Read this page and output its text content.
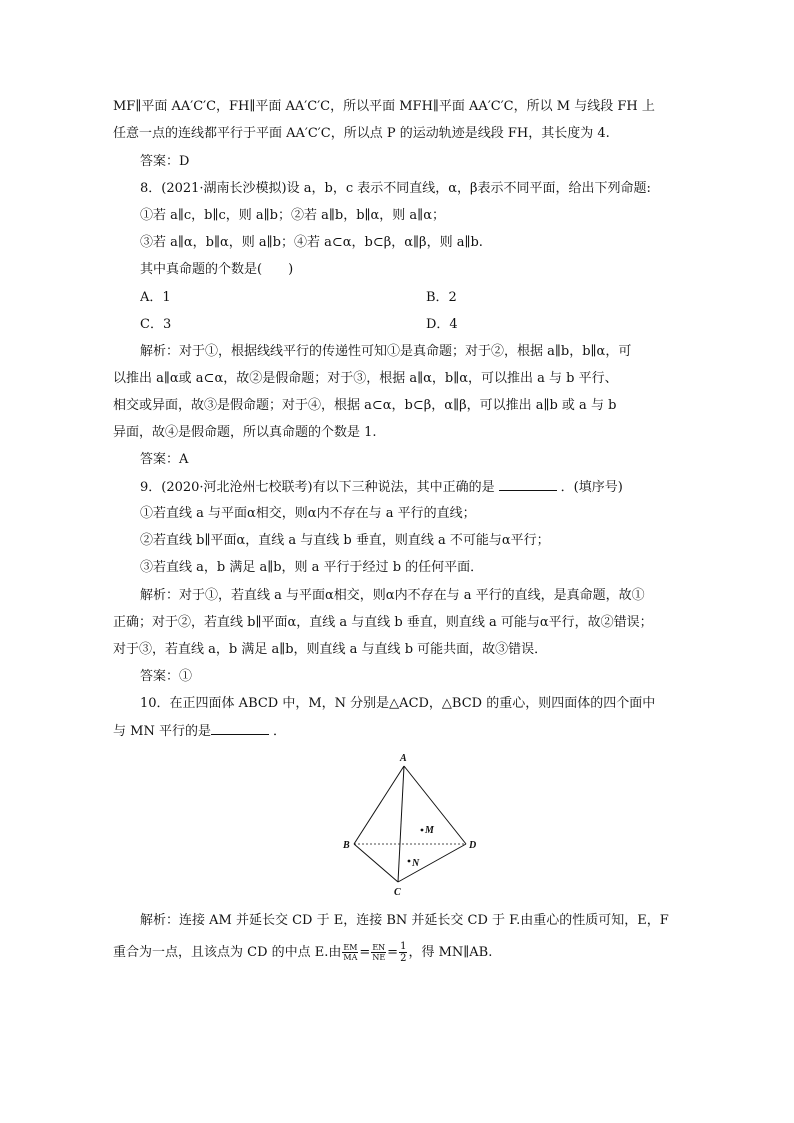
MF∥平面 AA′C′C，FH∥平面 AA′C′C，所以平面 MFH∥平面 AA′C′C，所以 M 与线段 FH 上
任意一点的连线都平行于平面 AA′C′C，所以点 P 的运动轨迹是线段 FH，其长度为 4.
答案：D
8．(2021·湖南长沙模拟)设 a，b，c 表示不同直线，α，β表示不同平面，给出下列命题:
①若 a∥c，b∥c，则 a∥b；②若 a∥b，b∥α，则 a∥α；
③若 a∥α，b∥α，则 a∥b；④若 a⊂α，b⊂β，α∥β，则 a∥b.
其中真命题的个数是(　　)
A．1	B．2
C．3	D．4
解析：对于①，根据线线平行的传递性可知①是真命题；对于②，根据 a∥b，b∥α，可
以推出 a∥α或 a⊂α，故②是假命题；对于③，根据 a∥α，b∥α，可以推出 a 与 b 平行、
相交或异面，故③是假命题；对于④，根据 a⊂α，b⊂β，α∥β，可以推出 a∥b 或 a 与 b
异面，故④是假命题，所以真命题的个数是 1.
答案：A
9．(2020·河北沧州七校联考)有以下三种说法，其中正确的是	．(填序号)
①若直线 a 与平面α相交，则α内不存在与 a 平行的直线；
②若直线 b∥平面α，直线 a 与直线 b 垂直，则直线 a 不可能与α平行；
③若直线 a，b 满足 a∥b，则 a 平行于经过 b 的任何平面．
解析：对于①，若直线 a 与平面α相交，则α内不存在与 a 平行的直线，是真命题，故①
正确；对于②，若直线 b∥平面α，直线 a 与直线 b 垂直，则直线 a 可能与α平行，故②错误；
对于③，若直线 a，b 满足 a∥b，则直线 a 与直线 b 可能共面，故③错误．
答案：①
10．在正四面体 ABCD 中，M，N 分别是△ACD，△BCD 的重心，则四面体的四个面中
与 MN 平行的是	．
A
B
C
D
M
N
解析：连接 AM 并延长交 CD 于 E，连接 BN 并延长交 CD 于 F.由重心的性质可知，E，F
重合为一点，且该点为 CD 的中点 E.由 $\frac{EM}{MA} = \frac{EN}{NE} = \frac{1}{2}$ ，得 MN∥AB.
